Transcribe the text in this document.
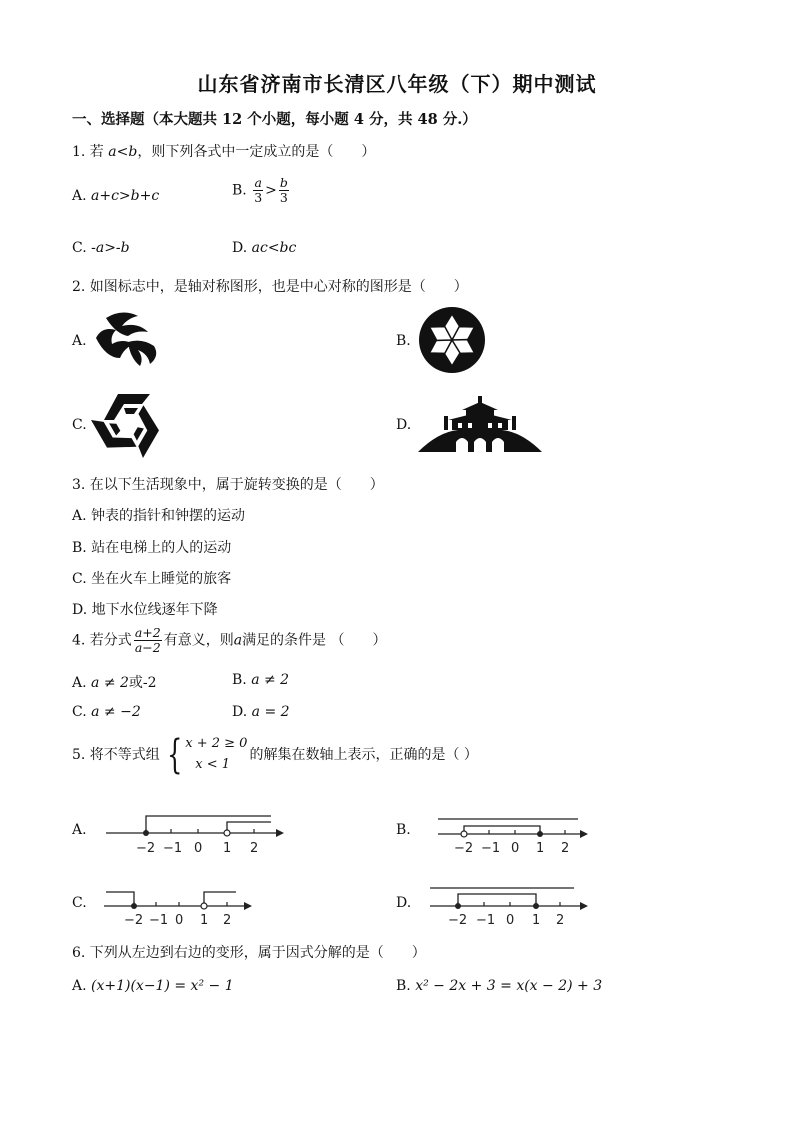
山东省济南市长清区八年级（下）期中测试
一、选择题（本大题共 12 个小题，每小题 4 分，共 48 分.）
1. 若 a<b，则下列各式中一定成立的是（　　）
A. a+c>b+c	B. $\frac{a}{3} > \frac{b}{3}$
C. -a>-b	D. ac<bc
2. 如图标志中，是轴对称图形，也是中心对称的图形是（　　）
A.	B.
C.	D.
3. 在以下生活现象中，属于旋转变换的是（　　）
A. 钟表的指针和钟摆的运动
B. 站在电梯上的人的运动
C. 坐在火车上睡觉的旅客
D. 地下水位线逐年下降
4. 若分式 $\frac{a+2}{a-2}$ 有意义，则a满足的条件是 （　　）
A. a ≠ 2或-2	B. a ≠ 2
C. a ≠ −2	D. a = 2
5. 将不等式组 { x + 2 ≥ 0
x < 1
的解集在数轴上表示，正确的是（ ）
A.	B.
C.	D.
−2 −1 0 1 2	−2 −1 0 1 2
−2 −1 0 1 2	−2 −1 0 1 2
6. 下列从左边到右边的变形，属于因式分解的是（　　）
A. (x+1)(x−1) = x² − 1	B. x² − 2x + 3 = x(x − 2) + 3
